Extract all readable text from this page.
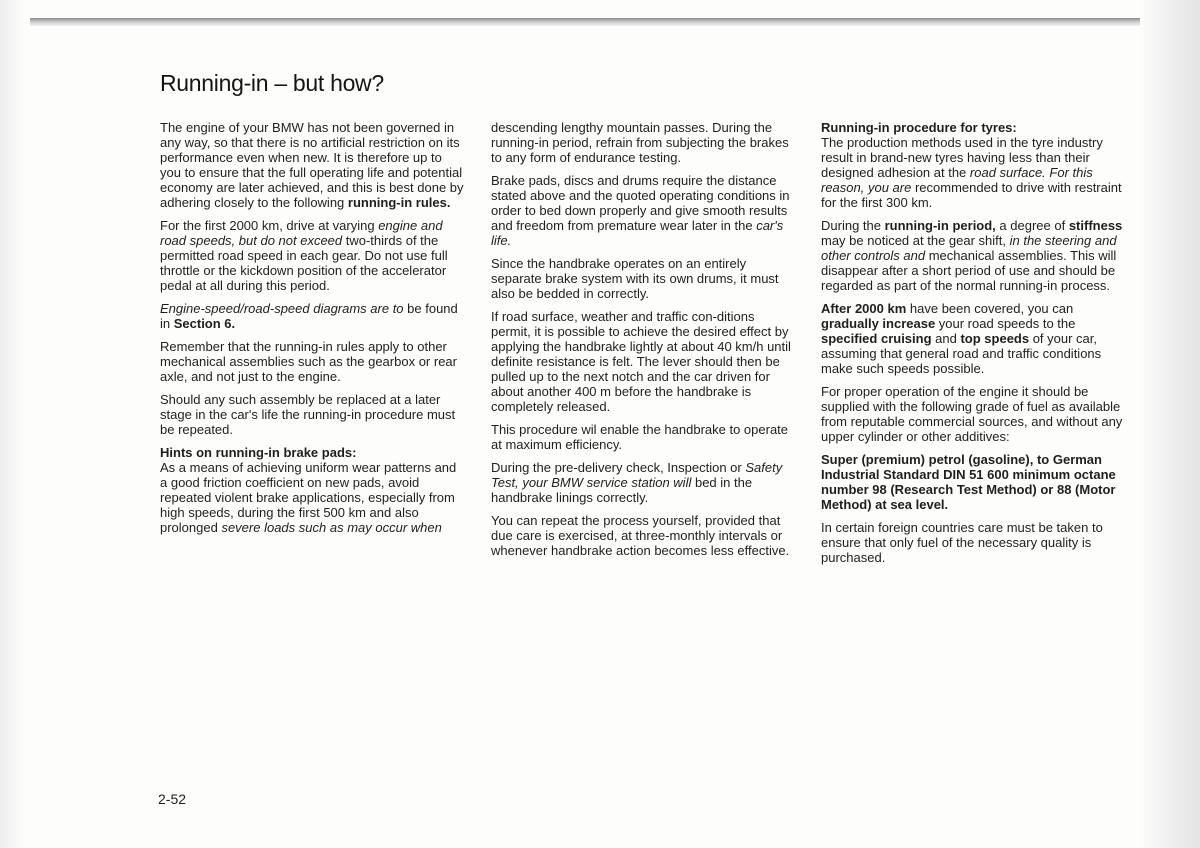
Running-in – but how?

The engine of your BMW has not been governed in any way, so that there is no artificial restriction on its performance even when new. It is therefore up to you to ensure that the full operating life and potential economy are later achieved, and this is best done by adhering closely to the following running-in rules.

For the first 2000 km, drive at varying engine and road speeds, but do not exceed two-thirds of the permitted road speed in each gear. Do not use full throttle or the kickdown position of the accelerator pedal at all during this period.

Engine-speed/road-speed diagrams are to be found in Section 6.

Remember that the running-in rules apply to other mechanical assemblies such as the gearbox or rear axle, and not just to the engine.

Should any such assembly be replaced at a later stage in the car's life the running-in procedure must be repeated.

Hints on running-in brake pads:

As a means of achieving uniform wear patterns and a good friction coefficient on new pads, avoid repeated violent brake applications, especially from high speeds, during the first 500 km and also prolonged severe loads such as may occur when

descending lengthy mountain passes. During the running-in period, refrain from subjecting the brakes to any form of endurance testing.

Brake pads, discs and drums require the distance stated above and the quoted operating conditions in order to bed down properly and give smooth results and freedom from premature wear later in the car's life.

Since the handbrake operates on an entirely separate brake system with its own drums, it must also be bedded in correctly.

If road surface, weather and traffic con-ditions permit, it is possible to achieve the desired effect by applying the handbrake lightly at about 40 km/h until definite resistance is felt. The lever should then be pulled up to the next notch and the car driven for about another 400 m before the handbrake is completely released.

This procedure wil enable the handbrake to operate at maximum efficiency.

During the pre-delivery check, Inspection or Safety Test, your BMW service station will bed in the handbrake linings correctly.

You can repeat the process yourself, provided that due care is exercised, at three-monthly intervals or whenever handbrake action becomes less effective.

Running-in procedure for tyres:

The production methods used in the tyre industry result in brand-new tyres having less than their designed adhesion at the road surface. For this reason, you are recommended to drive with restraint for the first 300 km.

During the running-in period, a degree of stiffness may be noticed at the gear shift, in the steering and other controls and mechanical assemblies. This will disappear after a short period of use and should be regarded as part of the normal running-in process.

After 2000 km have been covered, you can gradually increase your road speeds to the specified cruising and top speeds of your car, assuming that general road and traffic conditions make such speeds possible.

For proper operation of the engine it should be supplied with the following grade of fuel as available from reputable commercial sources, and without any upper cylinder or other additives:

Super (premium) petrol (gasoline), to German Industrial Standard DIN 51 600 minimum octane number 98 (Research Test Method) or 88 (Motor Method) at sea level.

In certain foreign countries care must be taken to ensure that only fuel of the necessary quality is purchased.

2-52
